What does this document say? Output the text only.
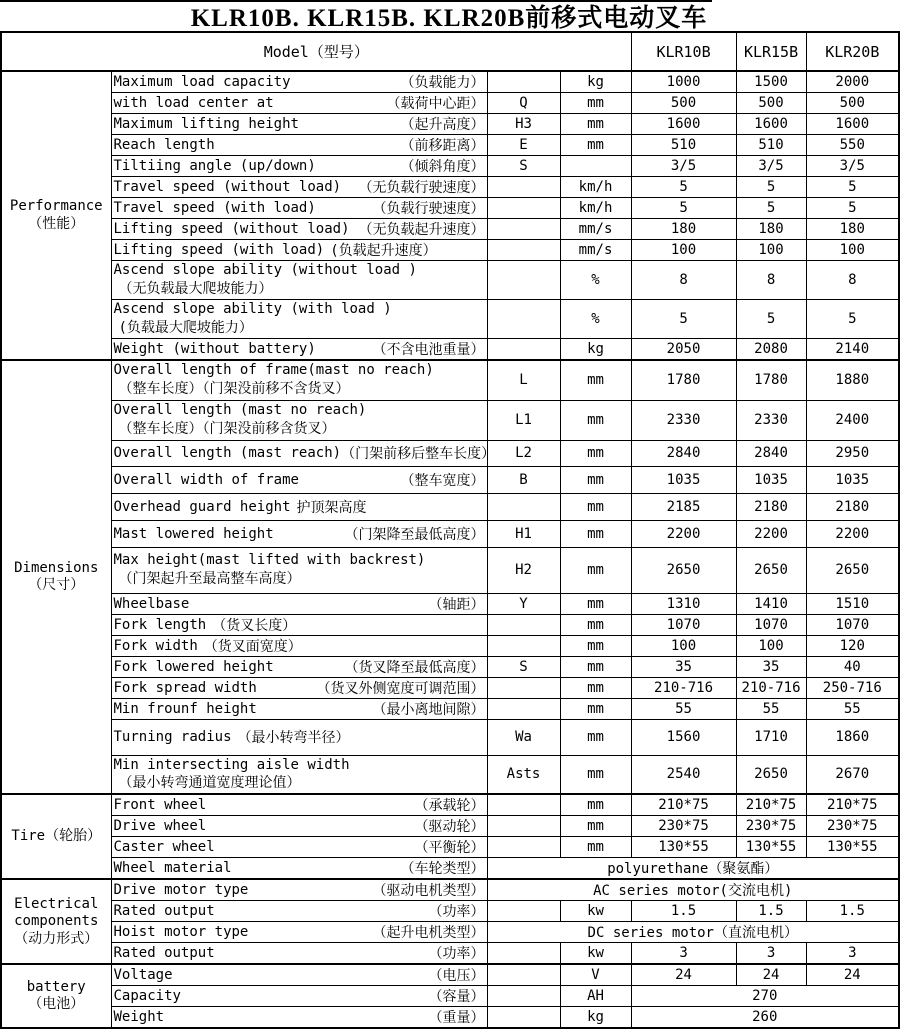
KLR10B. KLR15B. KLR20B前移式电动叉车
Model（型号）				KLR10B	KLR15B	KLR20B

Performance
（性能）	Maximum load capacity （负载能力）		kg	1000	1500	2000

	with load center at （载荷中心距）	Q	mm	500	500	500

	Maximum lifting height （起升高度）	H3	mm	1600	1600	1600

	Reach length （前移距离）	E	mm	510	510	550

	Tiltiing angle (up/down) （倾斜角度）	S		3/5	3/5	3/5

	Travel speed (without load) （无负载行驶速度）		km/h	5	5	5

	Travel speed (with load) （负载行驶速度）		km/h	5	5	5

	Lifting speed (without load) （无负载起升速度）		mm/s	180	180	180

	Lifting speed (with load) (负载起升速度）		mm/s	100	100	100

	Ascend slope ability (without load )
（无负载最大爬坡能力）		%	8	8	8

	Ascend slope ability (with load )
(负载最大爬坡能力）		%	5	5	5

	Weight (without battery) （不含电池重量）		kg	2050	2080	2140

Dimensions
（尺寸）	Overall length of frame(mast no reach)
（整车长度）（门架没前移不含货叉）	L	mm	1780	1780	1880

	Overall length (mast no reach)
（整车长度）（门架没前移含货叉）	L1	mm	2330	2330	2400

	Overall length (mast reach) （门架前移后整车长度）	L2	mm	2840	2840	2950

	Overall width of frame （整车宽度）	B	mm	1035	1035	1035

	Overhead guard height 护顶架高度		mm	2185	2180	2180

	Mast lowered height （门架降至最低高度）	H1	mm	2200	2200	2200

	Max height(mast lifted with backrest)
（门架起升至最高整车高度）	H2	mm	2650	2650	2650

	Wheelbase （轴距）	Y	mm	1310	1410	1510

	Fork length （货叉长度）		mm	1070	1070	1070

	Fork width （货叉面宽度）		mm	100	100	120

	Fork lowered height （货叉降至最低高度）	S	mm	35	35	40

	Fork spread width （货叉外侧宽度可调范围）		mm	210-716	210-716	250-716

	Min frounf height （最小离地间隙）		mm	55	55	55

	Turning radius （最小转弯半径）	Wa	mm	1560	1710	1860

	Min intersecting aisle width
（最小转弯通道宽度理论值）	Asts	mm	2540	2650	2670

Tire（轮胎）	Front wheel （承载轮）		mm	210*75	210*75	210*75

	Drive wheel （驱动轮）		mm	230*75	230*75	230*75

	Caster wheel （平衡轮）		mm	130*55	130*55	130*55

	Wheel material （车轮类型）	polyurethane（聚氨酯）				

Electrical
components
（动力形式）	Drive motor type （驱动电机类型）	AC series motor(交流电机)				

	Rated output （功率）		kw	1.5	1.5	1.5

	Hoist motor type （起升电机类型）	DC series motor（直流电机）				

	Rated output （功率）		kw	3	3	3

battery
（电池）	Voltage （电压）		V	24	24	24

	Capacity （容量）		AH	270		

	Weight （重量）		kg	260		
